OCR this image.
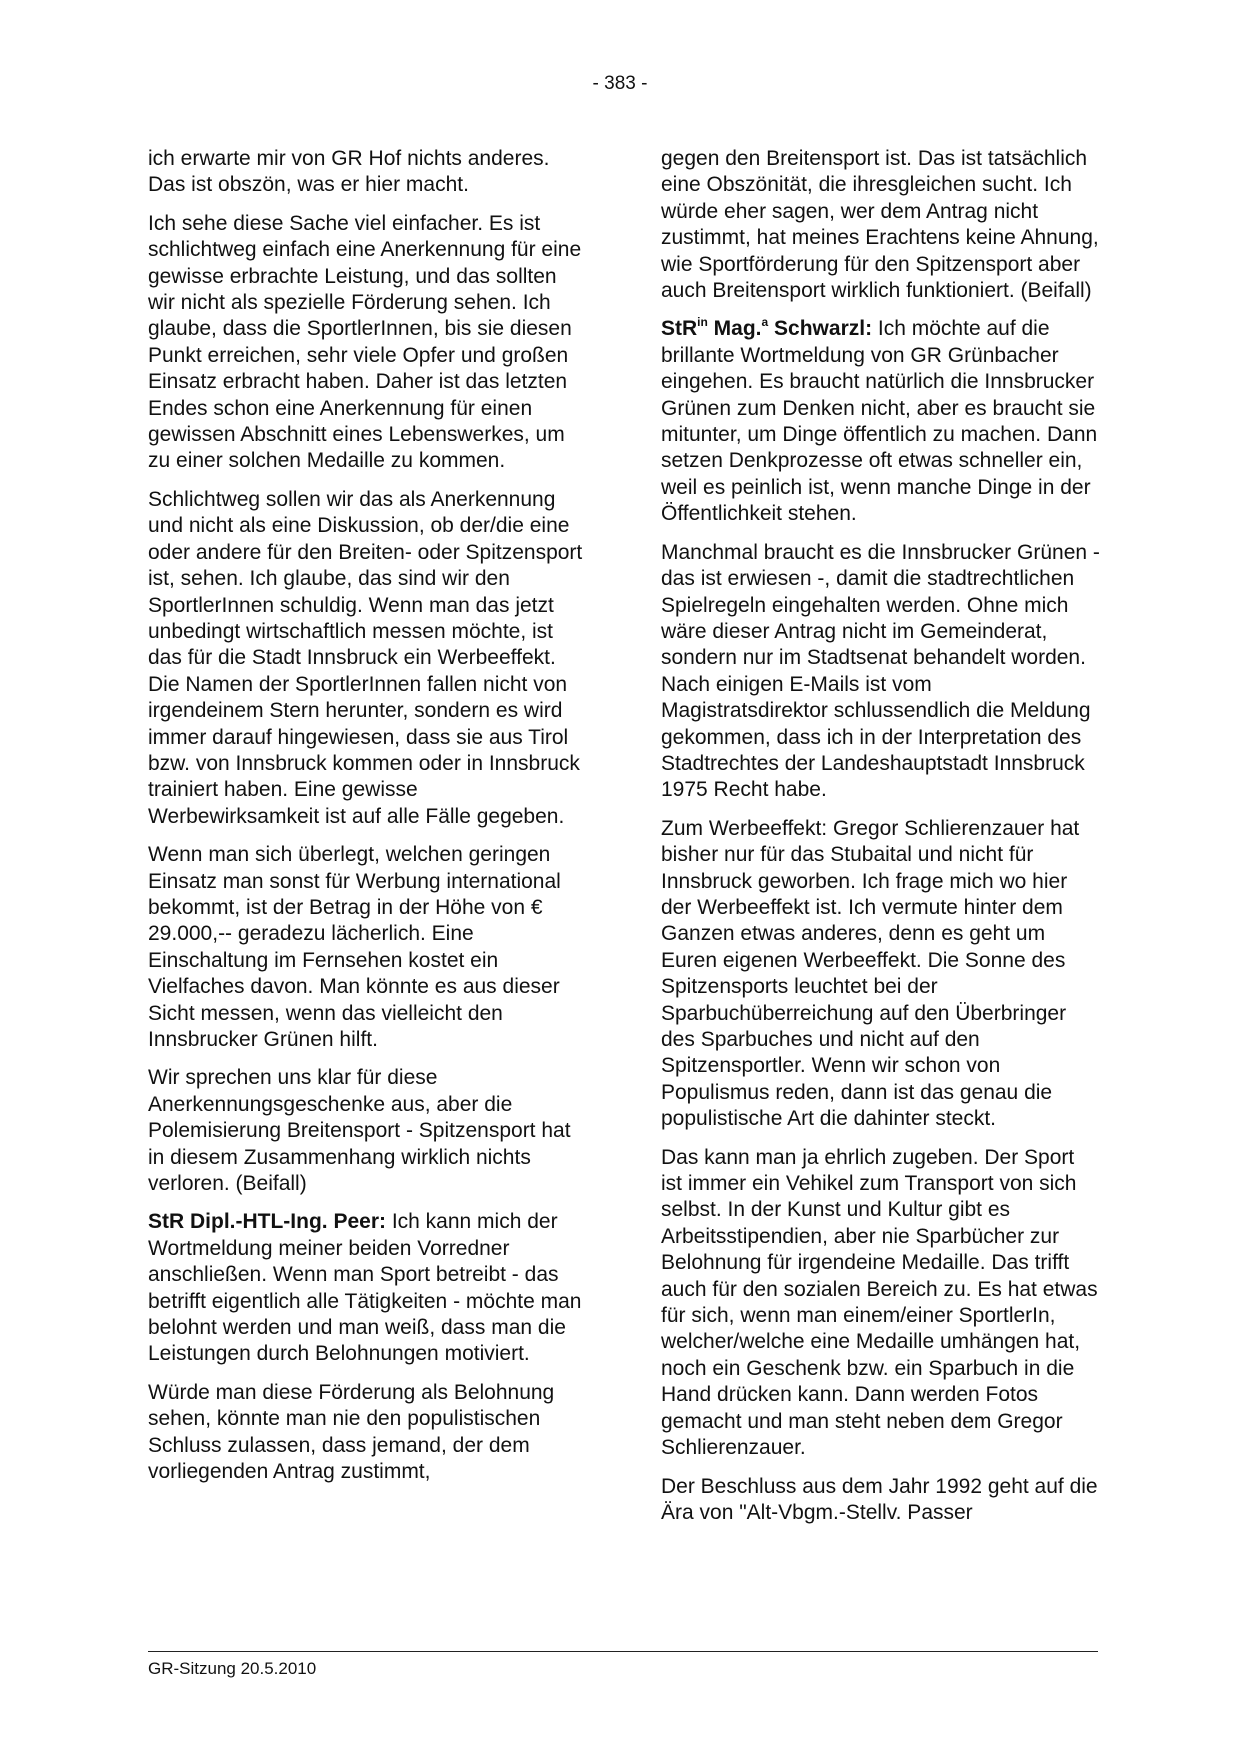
- 383 -

ich erwarte mir von GR Hof nichts anderes. Das ist obszön, was er hier macht.

Ich sehe diese Sache viel einfacher. Es ist schlichtweg einfach eine Anerkennung für eine gewisse erbrachte Leistung, und das sollten wir nicht als spezielle Förderung sehen. Ich glaube, dass die SportlerInnen, bis sie diesen Punkt erreichen, sehr viele Opfer und großen Einsatz erbracht haben. Daher ist das letzten Endes schon eine Anerkennung für einen gewissen Abschnitt eines Lebenswerkes, um zu einer solchen Medaille zu kommen.

Schlichtweg sollen wir das als Anerkennung und nicht als eine Diskussion, ob der/die eine oder andere für den Breiten- oder Spitzensport ist, sehen. Ich glaube, das sind wir den SportlerInnen schuldig. Wenn man das jetzt unbedingt wirtschaftlich messen möchte, ist das für die Stadt Innsbruck ein Werbeeffekt. Die Namen der SportlerInnen fallen nicht von irgendeinem Stern herunter, sondern es wird immer darauf hingewiesen, dass sie aus Tirol bzw. von Innsbruck kommen oder in Innsbruck trainiert haben. Eine gewisse Werbewirksamkeit ist auf alle Fälle gegeben.

Wenn man sich überlegt, welchen geringen Einsatz man sonst für Werbung international bekommt, ist der Betrag in der Höhe von € 29.000,-- geradezu lächerlich. Eine Einschaltung im Fernsehen kostet ein Vielfaches davon. Man könnte es aus dieser Sicht messen, wenn das vielleicht den Innsbrucker Grünen hilft.

Wir sprechen uns klar für diese Anerkennungsgeschenke aus, aber die Polemisierung Breitensport - Spitzensport hat in diesem Zusammenhang wirklich nichts verloren. (Beifall)

StR Dipl.-HTL-Ing. Peer: Ich kann mich der Wortmeldung meiner beiden Vorredner anschließen. Wenn man Sport betreibt - das betrifft eigentlich alle Tätigkeiten - möchte man belohnt werden und man weiß, dass man die Leistungen durch Belohnungen motiviert.

Würde man diese Förderung als Belohnung sehen, könnte man nie den populistischen Schluss zulassen, dass jemand, der dem vorliegenden Antrag zustimmt,

gegen den Breitensport ist. Das ist tatsächlich eine Obszönität, die ihresgleichen sucht. Ich würde eher sagen, wer dem Antrag nicht zustimmt, hat meines Erachtens keine Ahnung, wie Sportförderung für den Spitzensport aber auch Breitensport wirklich funktioniert. (Beifall)

StR$^{in}$ Mag.$^a$ Schwarzl: Ich möchte auf die brillante Wortmeldung von GR Grünbacher eingehen. Es braucht natürlich die Innsbrucker Grünen zum Denken nicht, aber es braucht sie mitunter, um Dinge öffentlich zu machen. Dann setzen Denkprozesse oft etwas schneller ein, weil es peinlich ist, wenn manche Dinge in der Öffentlichkeit stehen.

Manchmal braucht es die Innsbrucker Grünen - das ist erwiesen -, damit die stadtrechtlichen Spielregeln eingehalten werden. Ohne mich wäre dieser Antrag nicht im Gemeinderat, sondern nur im Stadtsenat behandelt worden. Nach einigen E-Mails ist vom Magistratsdirektor schlussendlich die Meldung gekommen, dass ich in der Interpretation des Stadtrechtes der Landeshauptstadt Innsbruck 1975 Recht habe.

Zum Werbeeffekt: Gregor Schlierenzauer hat bisher nur für das Stubaital und nicht für Innsbruck geworben. Ich frage mich wo hier der Werbeeffekt ist. Ich vermute hinter dem Ganzen etwas anderes, denn es geht um Euren eigenen Werbeeffekt. Die Sonne des Spitzensports leuchtet bei der Sparbuchüberreichung auf den Überbringer des Sparbuches und nicht auf den Spitzensportler. Wenn wir schon von Populismus reden, dann ist das genau die populistische Art die dahinter steckt.

Das kann man ja ehrlich zugeben. Der Sport ist immer ein Vehikel zum Transport von sich selbst. In der Kunst und Kultur gibt es Arbeitsstipendien, aber nie Sparbücher zur Belohnung für irgendeine Medaille. Das trifft auch für den sozialen Bereich zu. Es hat etwas für sich, wenn man einem/einer SportlerIn, welcher/welche eine Medaille umhängen hat, noch ein Geschenk bzw. ein Sparbuch in die Hand drücken kann. Dann werden Fotos gemacht und man steht neben dem Gregor Schlierenzauer.

Der Beschluss aus dem Jahr 1992 geht auf die Ära von "Alt-Vbgm.-Stellv. Passer

GR-Sitzung 20.5.2010
